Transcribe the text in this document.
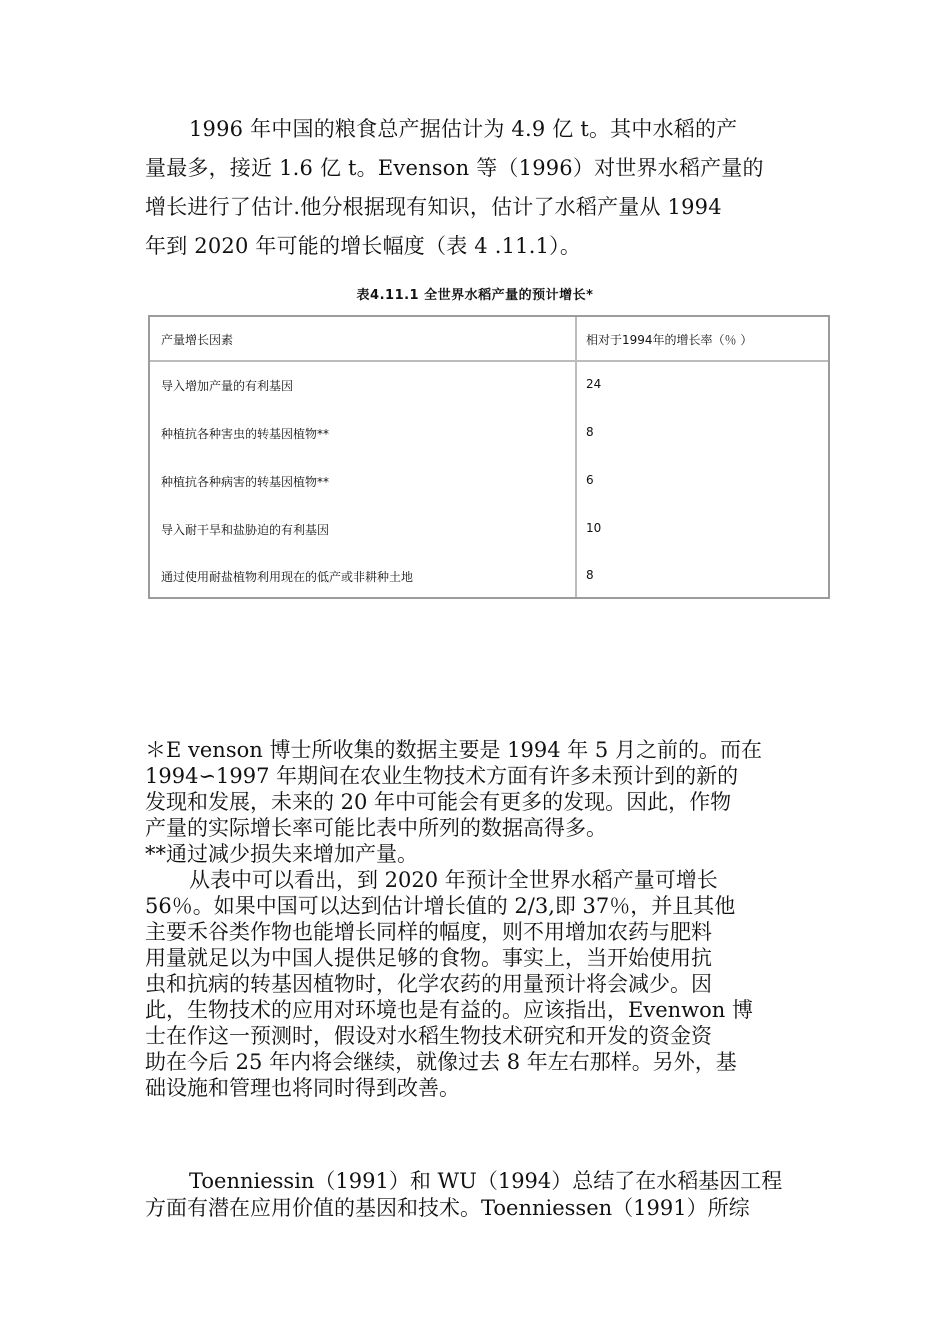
1996 年中国的粮食总产据估计为 4.9 亿 t。其中水稻的产
量最多，接近 1.6 亿 t。Evenson 等（1996）对世界水稻产量的
增长进行了估计.他分根据现有知识，估计了水稻产量从 1994
年到 2020 年可能的增长幅度（表 4 .11.1）。
表4.11.1 全世界水稻产量的预计增长*
产量增长因素	相对于1994年的增长率（％ ）
导入增加产量的有利基因	24
种植抗各种害虫的转基因植物**	8
种植抗各种病害的转基因植物**	6
导入耐干旱和盐胁迫的有利基因	10
通过使用耐盐植物利用现在的低产或非耕种土地	8
＊E venson 博士所收集的数据主要是 1994 年 5 月之前的。而在
1994∽1997 年期间在农业生物技术方面有许多未预计到的新的
发现和发展，未来的 20 年中可能会有更多的发现。因此，作物
产量的实际增长率可能比表中所列的数据高得多。
**通过减少损失来增加产量。
从表中可以看出，到 2020 年预计全世界水稻产量可增长
56％。如果中国可以达到估计增长值的 2/3,即 37％，并且其他
主要禾谷类作物也能增长同样的幅度，则不用增加农药与肥料
用量就足以为中国人提供足够的食物。事实上，当开始使用抗
虫和抗病的转基因植物时，化学农药的用量预计将会减少。因
此，生物技术的应用对环境也是有益的。应该指出，Evenwon 博
士在作这一预测时，假设对水稻生物技术研究和开发的资金资
助在今后 25 年内将会继续，就像过去 8 年左右那样。另外，基
础设施和管理也将同时得到改善。
Toenniessin（1991）和 WU（1994）总结了在水稻基因工程
方面有潜在应用价值的基因和技术。Toenniessen（1991）所综
